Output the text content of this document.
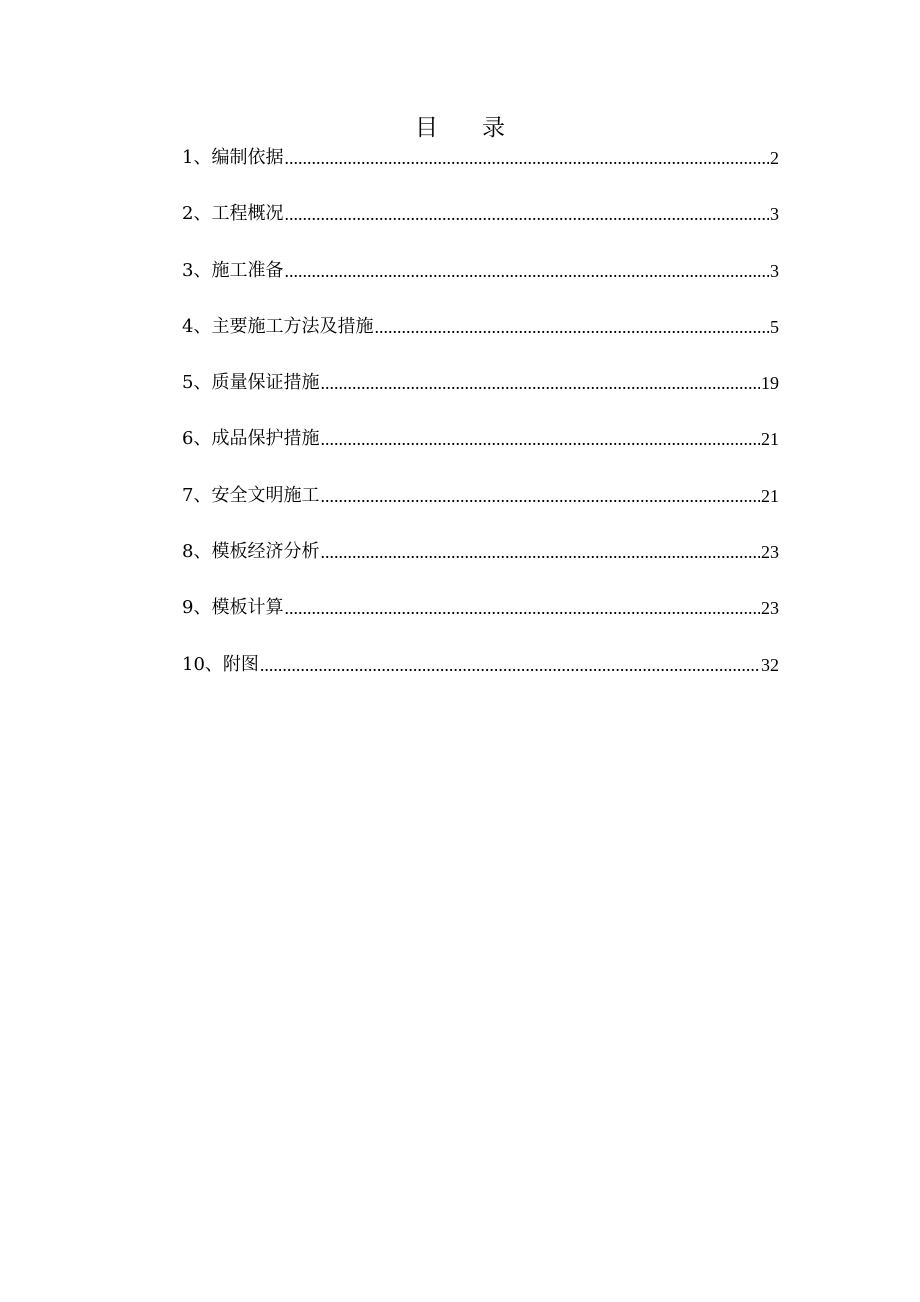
目 录
1、编制依据 .....	2
2、工程概况 .....	3
3、施工准备 .....	3
4、主要施工方法及措施 .....	5
5、质量保证措施 .....	19
6、成品保护措施 .....	21
7、安全文明施工 .....	21
8、模板经济分析 .....	23
9、模板计算 .....	23
10、附图 .....	32
